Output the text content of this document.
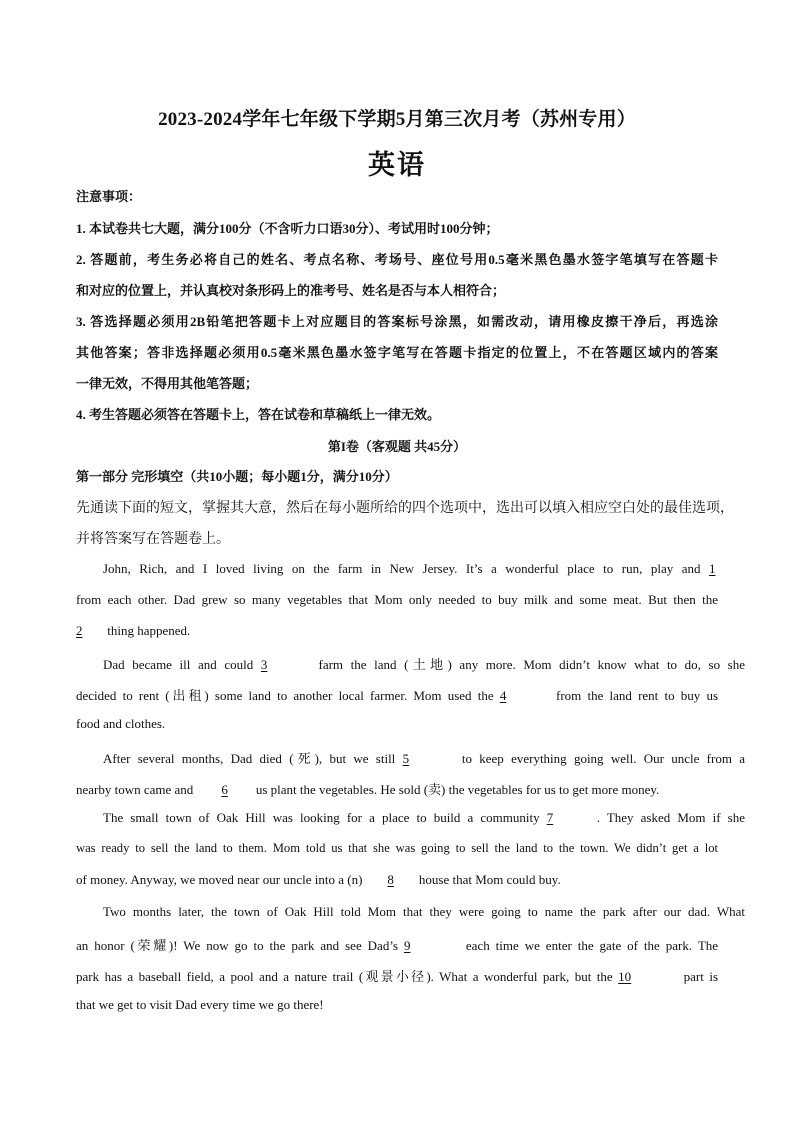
2023-2024学年七年级下学期5月第三次月考（苏州专用）
英语
注意事项：
1. 本试卷共七大题，满分100分（不含听力口语30分）、考试用时100分钟；
2. 答题前，考生务必将自己的姓名、考点名称、考场号、座位号用0.5毫米黑色墨水签字笔填写在答题卡
和对应的位置上，并认真校对条形码上的准考号、姓名是否与本人相符合；
3. 答选择题必须用2B铅笔把答题卡上对应题目的答案标号涂黑，如需改动，请用橡皮擦干净后，再选涂
其他答案；答非选择题必须用0.5毫米黑色墨水签字笔写在答题卡指定的位置上，不在答题区域内的答案
一律无效，不得用其他笔答题；
4. 考生答题必须答在答题卡上，答在试卷和草稿纸上一律无效。
第I卷（客观题 共45分）
第一部分 完形填空（共10小题；每小题1分，满分10分）
先通读下面的短文，掌握其大意，然后在每小题所给的四个选项中，选出可以填入相应空白处的最佳选项，
并将答案写在答题卷上。
John, Rich, and I loved living on the farm in New Jersey. It’s a wonderful place to run, play and 1
from each other. Dad grew so many vegetables that Mom only needed to buy milk and some meat. But then the
2 thing happened.
Dad became ill and could 3	farm the land (土地) any more. Mom didn’t know what to do, so she
decided to rent (出租) some land to another local farmer. Mom used the 4	from the land rent to buy us
food and clothes.
After several months, Dad died (死), but we still 5	to keep everything going well. Our uncle from a
nearby town came and 6 us plant the vegetables. He sold (卖) the vegetables for us to get more money.
The small town of Oak Hill was looking for a place to build a community 7	. They asked Mom if she
was ready to sell the land to them. Mom told us that she was going to sell the land to the town. We didn’t get a lot
of money. Anyway, we moved near our uncle into a (n) 8 house that Mom could buy.
Two months later, the town of Oak Hill told Mom that they were going to name the park after our dad. What
an honor (荣耀)! We now go to the park and see Dad’s 9	each time we enter the gate of the park. The
park has a baseball field, a pool and a nature trail (观景小径). What a wonderful park, but the 10	part is
that we get to visit Dad every time we go there!
